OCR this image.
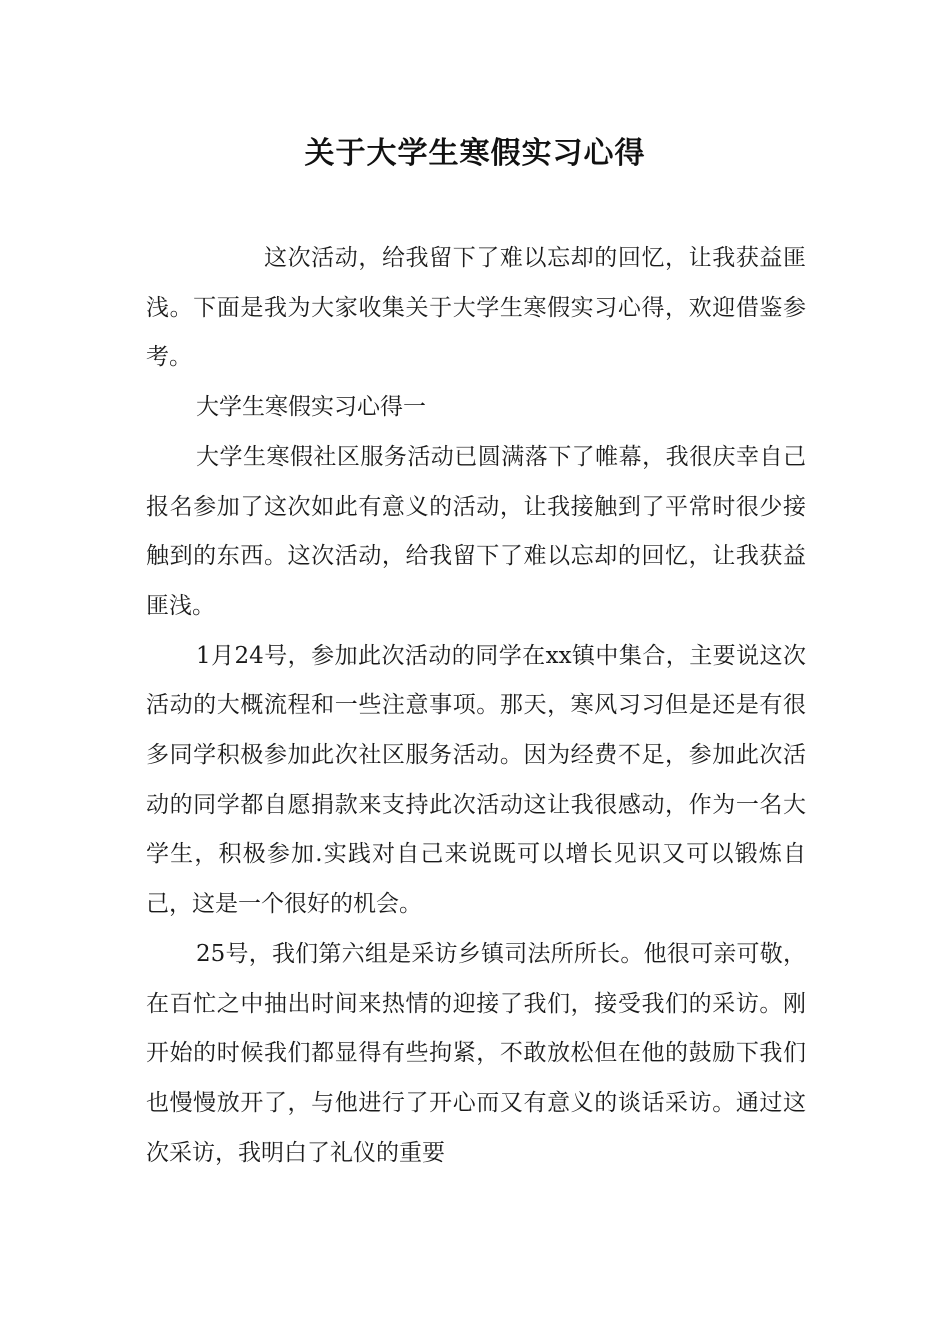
关于大学生寒假实习心得

这次活动，给我留下了难以忘却的回忆，让我获益匪浅。下面是我为大家收集关于大学生寒假实习心得，欢迎借鉴参考。

大学生寒假实习心得一

大学生寒假社区服务活动已圆满落下了帷幕，我很庆幸自己报名参加了这次如此有意义的活动，让我接触到了平常时很少接触到的东西。这次活动，给我留下了难以忘却的回忆，让我获益匪浅。

1月24号，参加此次活动的同学在xx镇中集合，主要说这次活动的大概流程和一些注意事项。那天，寒风习习但是还是有很多同学积极参加此次社区服务活动。因为经费不足，参加此次活动的同学都自愿捐款来支持此次活动这让我很感动，作为一名大学生，积极参加.实践对自己来说既可以增长见识又可以锻炼自己，这是一个很好的机会。

25号，我们第六组是采访乡镇司法所所长。他很可亲可敬，在百忙之中抽出时间来热情的迎接了我们，接受我们的采访。刚开始的时候我们都显得有些拘紧，不敢放松但在他的鼓励下我们也慢慢放开了，与他进行了开心而又有意义的谈话采访。通过这次采访，我明白了礼仪的重要
